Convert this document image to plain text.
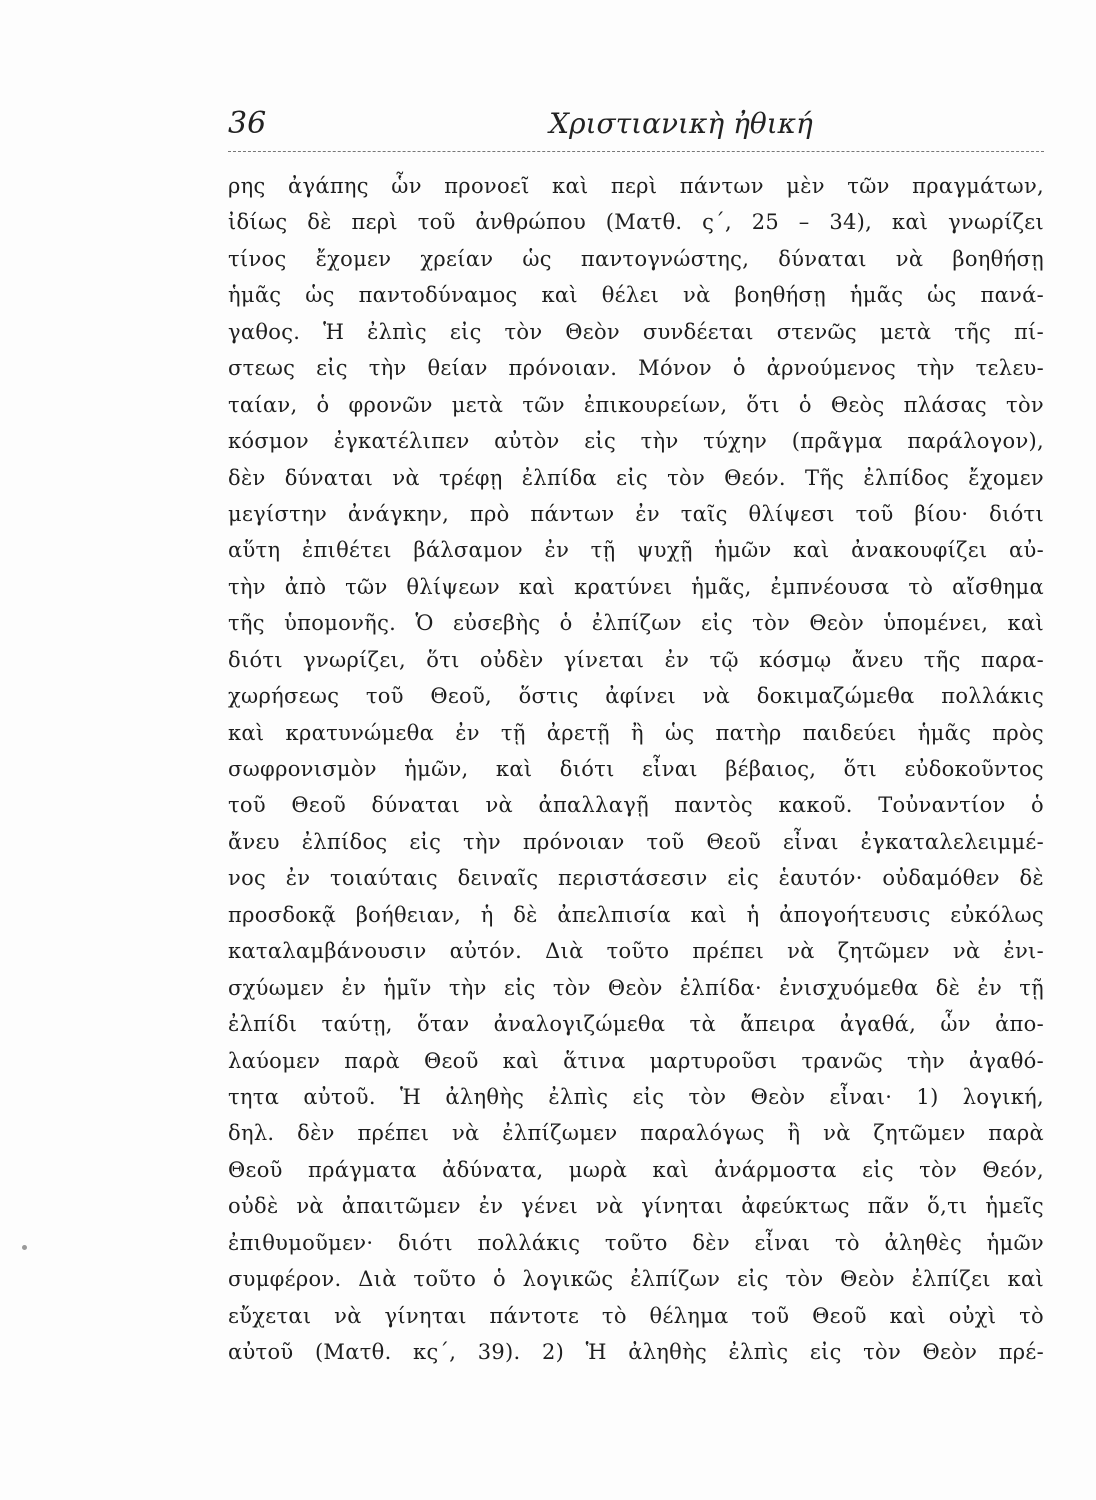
36	Χριστιανικὴ ἠθική
ρης ἀγάπης ὧν προνοεῖ καὶ περὶ πάντων μὲν τῶν πραγμάτων,
ἰδίως δὲ περὶ τοῦ ἀνθρώπου (Ματθ. ς΄, 25 – 34), καὶ γνωρίζει
τίνος ἔχομεν χρείαν ὡς παντογνώστης, δύναται νὰ βοηθήσῃ
ἡμᾶς ὡς παντοδύναμος καὶ θέλει νὰ βοηθήσῃ ἡμᾶς ὡς πανά-
γαθος. Ἡ ἐλπὶς εἰς τὸν Θεὸν συνδέεται στενῶς μετὰ τῆς πί-
στεως εἰς τὴν θείαν πρόνοιαν. Μόνον ὁ ἀρνούμενος τὴν τελευ-
ταίαν, ὁ φρονῶν μετὰ τῶν ἐπικουρείων, ὅτι ὁ Θεὸς πλάσας τὸν
κόσμον ἐγκατέλιπεν αὐτὸν εἰς τὴν τύχην (πρᾶγμα παράλογον),
δὲν δύναται νὰ τρέφῃ ἐλπίδα εἰς τὸν Θεόν. Τῆς ἐλπίδος ἔχομεν
μεγίστην ἀνάγκην, πρὸ πάντων ἐν ταῖς θλίψεσι τοῦ βίου· διότι
αὕτη ἐπιθέτει βάλσαμον ἐν τῇ ψυχῇ ἡμῶν καὶ ἀνακουφίζει αὐ-
τὴν ἀπὸ τῶν θλίψεων καὶ κρατύνει ἡμᾶς, ἐμπνέουσα τὸ αἴσθημα
τῆς ὑπομονῆς. Ὁ εὐσεβὴς ὁ ἐλπίζων εἰς τὸν Θεὸν ὑπομένει, καὶ
διότι γνωρίζει, ὅτι οὐδὲν γίνεται ἐν τῷ κόσμῳ ἄνευ τῆς παρα-
χωρήσεως τοῦ Θεοῦ, ὅστις ἀφίνει νὰ δοκιμαζώμεθα πολλάκις
καὶ κρατυνώμεθα ἐν τῇ ἀρετῇ ἢ ὡς πατὴρ παιδεύει ἡμᾶς πρὸς
σωφρονισμὸν ἡμῶν, καὶ διότι εἶναι βέβαιος, ὅτι εὐδοκοῦντος
τοῦ Θεοῦ δύναται νὰ ἀπαλλαγῇ παντὸς κακοῦ. Τοὐναντίον ὁ
ἄνευ ἐλπίδος εἰς τὴν πρόνοιαν τοῦ Θεοῦ εἶναι ἐγκαταλελειμμέ-
νος ἐν τοιαύταις δειναῖς περιστάσεσιν εἰς ἑαυτόν· οὐδαμόθεν δὲ
προσδοκᾷ βοήθειαν, ἡ δὲ ἀπελπισία καὶ ἡ ἀπογοήτευσις εὐκόλως
καταλαμβάνουσιν αὐτόν. Διὰ τοῦτο πρέπει νὰ ζητῶμεν νὰ ἐνι-
σχύωμεν ἐν ἡμῖν τὴν εἰς τὸν Θεὸν ἐλπίδα· ἐνισχυόμεθα δὲ ἐν τῇ
ἐλπίδι ταύτῃ, ὅταν ἀναλογιζώμεθα τὰ ἄπειρα ἀγαθά, ὧν ἀπο-
λαύομεν παρὰ Θεοῦ καὶ ἅτινα μαρτυροῦσι τρανῶς τὴν ἀγαθό-
τητα αὐτοῦ. Ἡ ἀληθὴς ἐλπὶς εἰς τὸν Θεὸν εἶναι· 1) λογική,
δηλ. δὲν πρέπει νὰ ἐλπίζωμεν παραλόγως ἢ νὰ ζητῶμεν παρὰ
Θεοῦ πράγματα ἀδύνατα, μωρὰ καὶ ἀνάρμοστα εἰς τὸν Θεόν,
οὐδὲ νὰ ἀπαιτῶμεν ἐν γένει νὰ γίνηται ἀφεύκτως πᾶν ὅ,τι ἡμεῖς
ἐπιθυμοῦμεν· διότι πολλάκις τοῦτο δὲν εἶναι τὸ ἀληθὲς ἡμῶν
συμφέρον. Διὰ τοῦτο ὁ λογικῶς ἐλπίζων εἰς τὸν Θεὸν ἐλπίζει καὶ
εὔχεται νὰ γίνηται πάντοτε τὸ θέλημα τοῦ Θεοῦ καὶ οὐχὶ τὸ
αὐτοῦ (Ματθ. κς΄, 39). 2) Ἡ ἀληθὴς ἐλπὶς εἰς τὸν Θεὸν πρέ-
